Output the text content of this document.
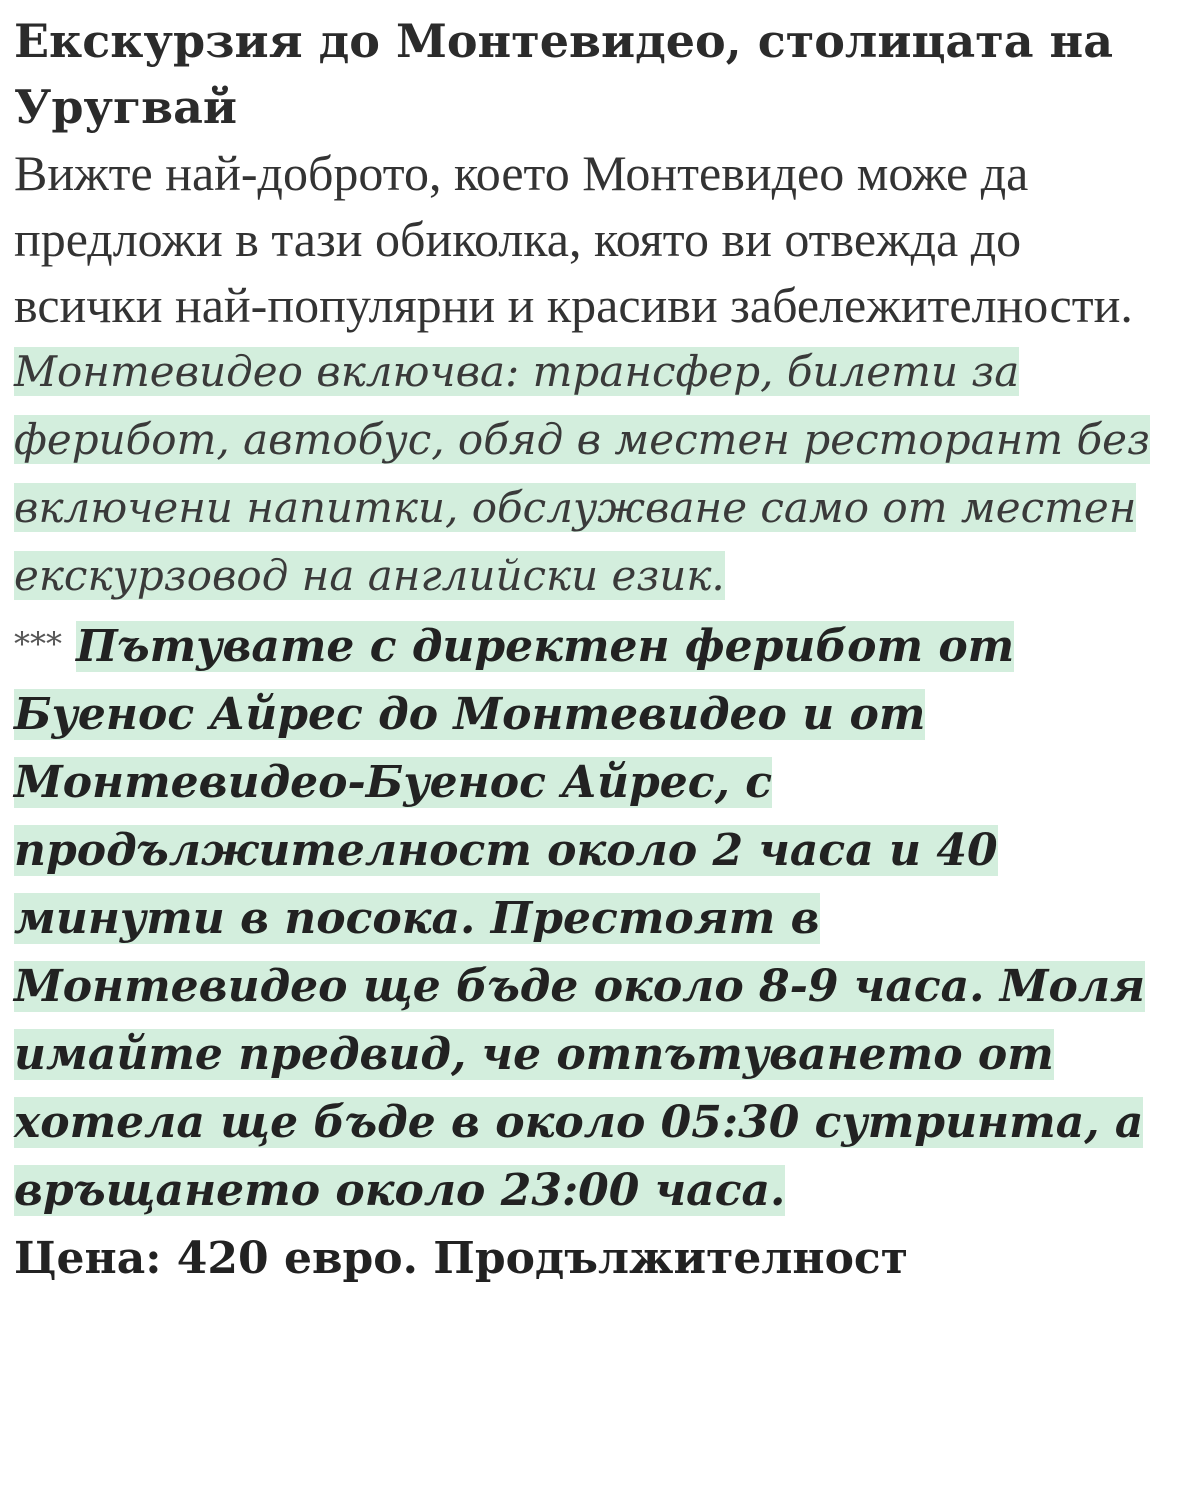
Екскурзия до Монтевидео, столицата на Уругвай

Вижте най-доброто, което Монтевидео може да предложи в тази обиколка, която ви отвежда до всички най-популярни и красиви забележителности.

Монтевидео включва: трансфер, билети за ферибот, автобус, обяд в местен ресторант без включени напитки, обслужване само от местен екскурзовод на английски език.

*** Пътувате с директен ферибот от Буенос Айрес до Монтевидео и от Монтевидео-Буенос Айрес, с продължителност около 2 часа и 40 минути в посока. Престоят в Монтевидео ще бъде около 8-9 часа. Моля имайте предвид, че отпътуването от хотела ще бъде в около 05:30 сутринта, а връщането около 23:00 часа.

Цена: 420 евро. Продължителност
